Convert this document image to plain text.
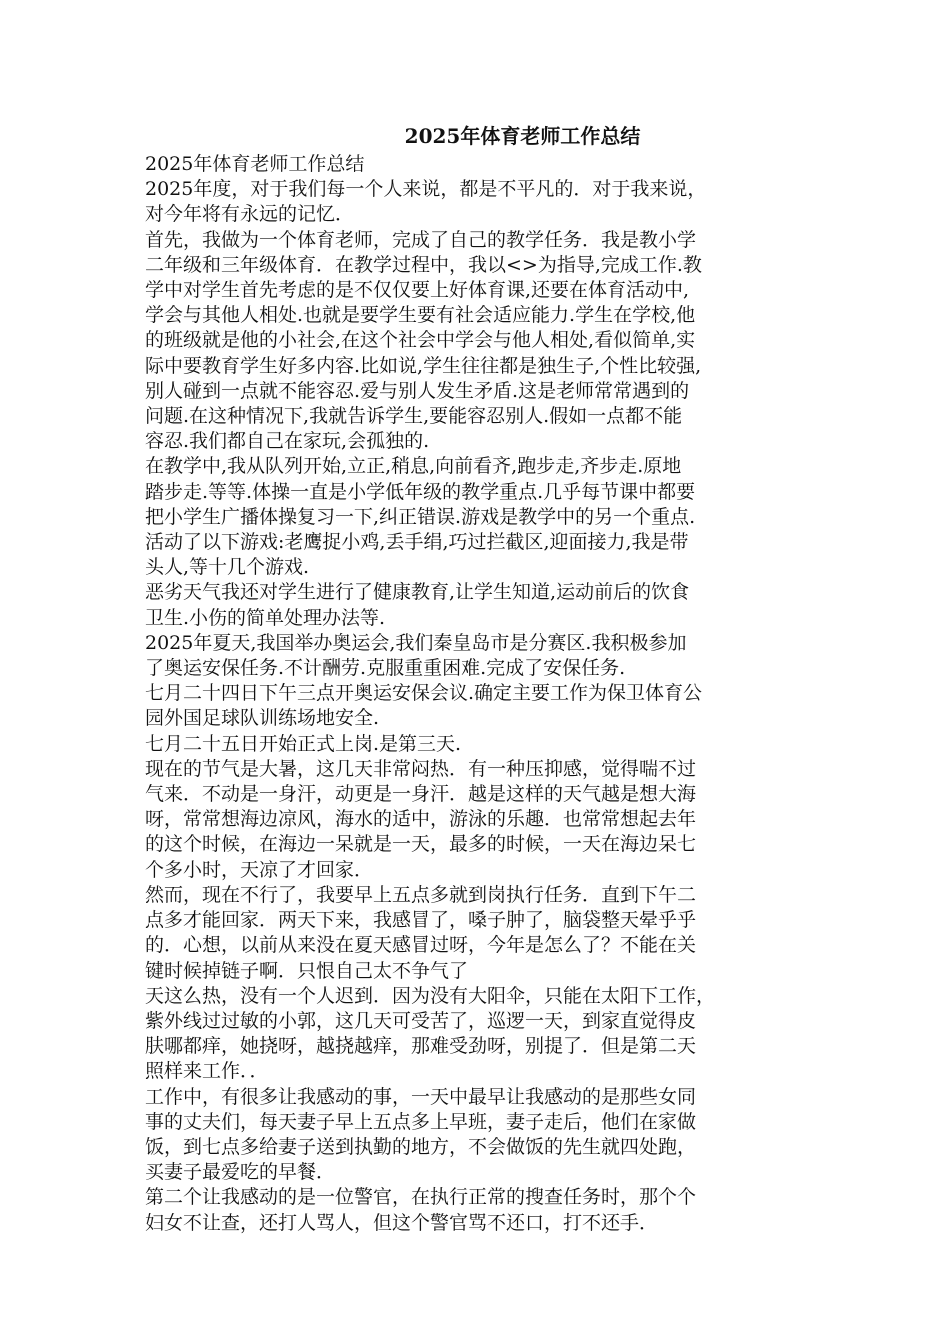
2025年体育老师工作总结
2025年体育老师工作总结
2025年度，对于我们每一个人来说，都是不平凡的．对于我来说，
对今年将有永远的记忆．
首先，我做为一个体育老师，完成了自己的教学任务．我是教小学
二年级和三年级体育．在教学过程中，我以<>为指导,完成工作.教
学中对学生首先考虑的是不仅仅要上好体育课,还要在体育活动中,
学会与其他人相处.也就是要学生要有社会适应能力.学生在学校,他
的班级就是他的小社会,在这个社会中学会与他人相处,看似简单,实
际中要教育学生好多内容.比如说,学生往往都是独生子,个性比较强,
别人碰到一点就不能容忍.爱与别人发生矛盾.这是老师常常遇到的
问题.在这种情况下,我就告诉学生,要能容忍别人.假如一点都不能
容忍.我们都自己在家玩,会孤独的.
在教学中,我从队列开始,立正,稍息,向前看齐,跑步走,齐步走.原地
踏步走.等等.体操一直是小学低年级的教学重点.几乎每节课中都要
把小学生广播体操复习一下,纠正错误.游戏是教学中的另一个重点.
活动了以下游戏:老鹰捉小鸡,丢手绢,巧过拦截区,迎面接力,我是带
头人,等十几个游戏.
恶劣天气我还对学生进行了健康教育,让学生知道,运动前后的饮食
卫生.小伤的简单处理办法等.
2025年夏天,我国举办奥运会,我们秦皇岛市是分赛区.我积极参加
了奥运安保任务.不计酬劳.克服重重困难.完成了安保任务.
七月二十四日下午三点开奥运安保会议.确定主要工作为保卫体育公
园外国足球队训练场地安全.
七月二十五日开始正式上岗.是第三天.
现在的节气是大暑，这几天非常闷热．有一种压抑感，觉得喘不过
气来．不动是一身汗，动更是一身汗．越是这样的天气越是想大海
呀，常常想海边凉风，海水的适中，游泳的乐趣．也常常想起去年
的这个时候，在海边一呆就是一天，最多的时候，一天在海边呆七
个多小时，天凉了才回家．
然而，现在不行了，我要早上五点多就到岗执行任务．直到下午二
点多才能回家．两天下来，我感冒了，嗓子肿了，脑袋整天晕乎乎
的．心想，以前从来没在夏天感冒过呀，今年是怎么了？不能在关
键时候掉链子啊．只恨自己太不争气了
天这么热，没有一个人迟到．因为没有大阳伞，只能在太阳下工作，
紫外线过过敏的小郭，这几天可受苦了，巡逻一天，到家直觉得皮
肤哪都痒，她挠呀，越挠越痒，那难受劲呀，别提了．但是第二天
照样来工作．．
工作中，有很多让我感动的事，一天中最早让我感动的是那些女同
事的丈夫们，每天妻子早上五点多上早班，妻子走后，他们在家做
饭，到七点多给妻子送到执勤的地方，不会做饭的先生就四处跑，
买妻子最爱吃的早餐．
第二个让我感动的是一位警官，在执行正常的搜查任务时，那个个
妇女不让查，还打人骂人，但这个警官骂不还口，打不还手．
